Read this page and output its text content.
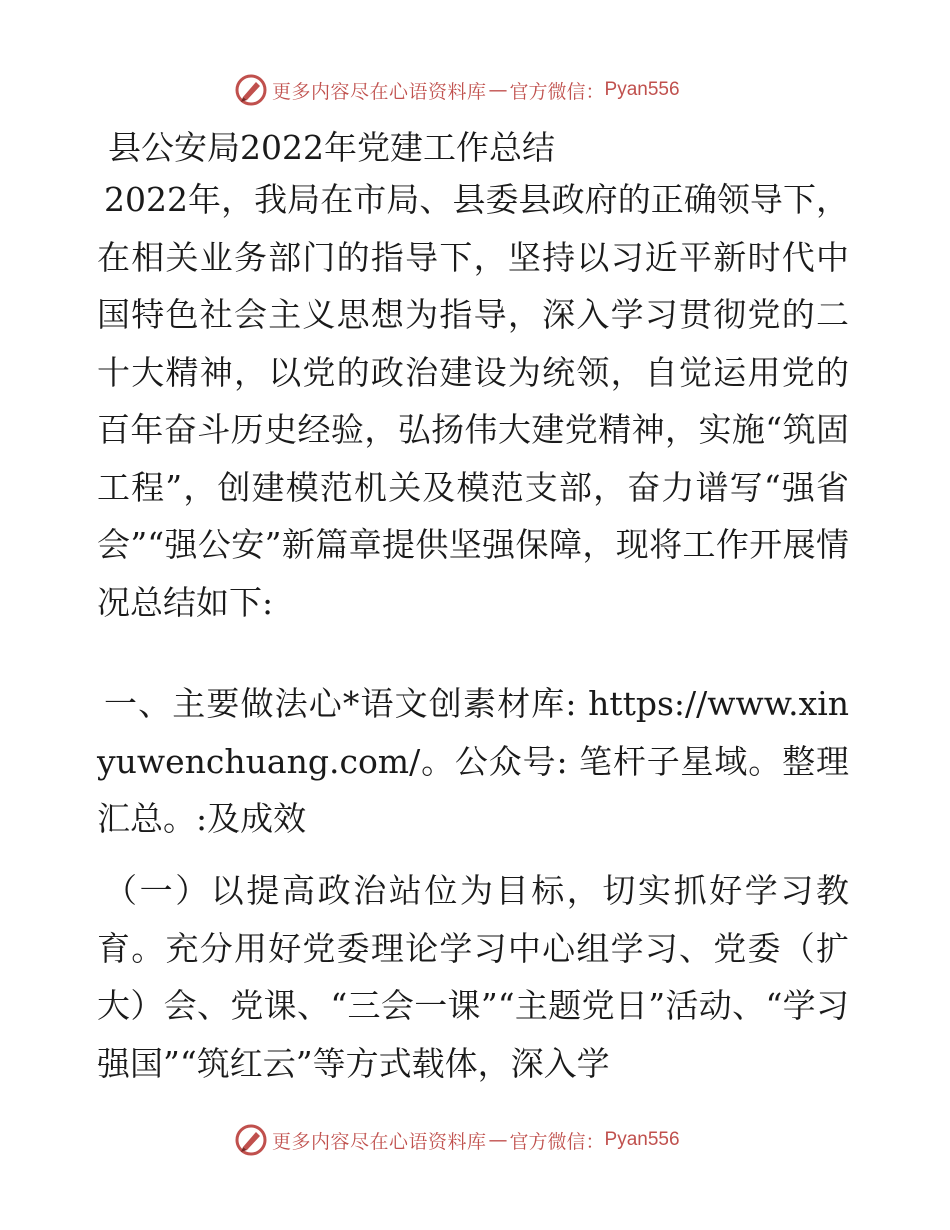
更多内容尽在心语资料库 — 官方微信： Pyan556
县公安局2022年党建工作总结
2022年，我局在市局、县委县政府的正确领导下，在相关业务部门的指导下，坚持以习近平新时代中国特色社会主义思想为指导，深入学习贯彻党的二十大精神，以党的政治建设为统领，自觉运用党的百年奋斗历史经验，弘扬伟大建党精神，实施“筑固工程”，创建模范机关及模范支部，奋力谱写“强省会”“强公安”新篇章提供坚强保障，现将工作开展情况总结如下:
一、主要做法心*语文创素材库: https://www.xinyuwenchuang.com/。公众号: 笔杆子星域。整理汇总。:及成效
（一）以提高政治站位为目标，切实抓好学习教育。充分用好党委理论学习中心组学习、党委（扩大）会、党课、“三会一课”“主题党日”活动、“学习强国”“筑红云”等方式载体，深入学
更多内容尽在心语资料库 — 官方微信： Pyan556
